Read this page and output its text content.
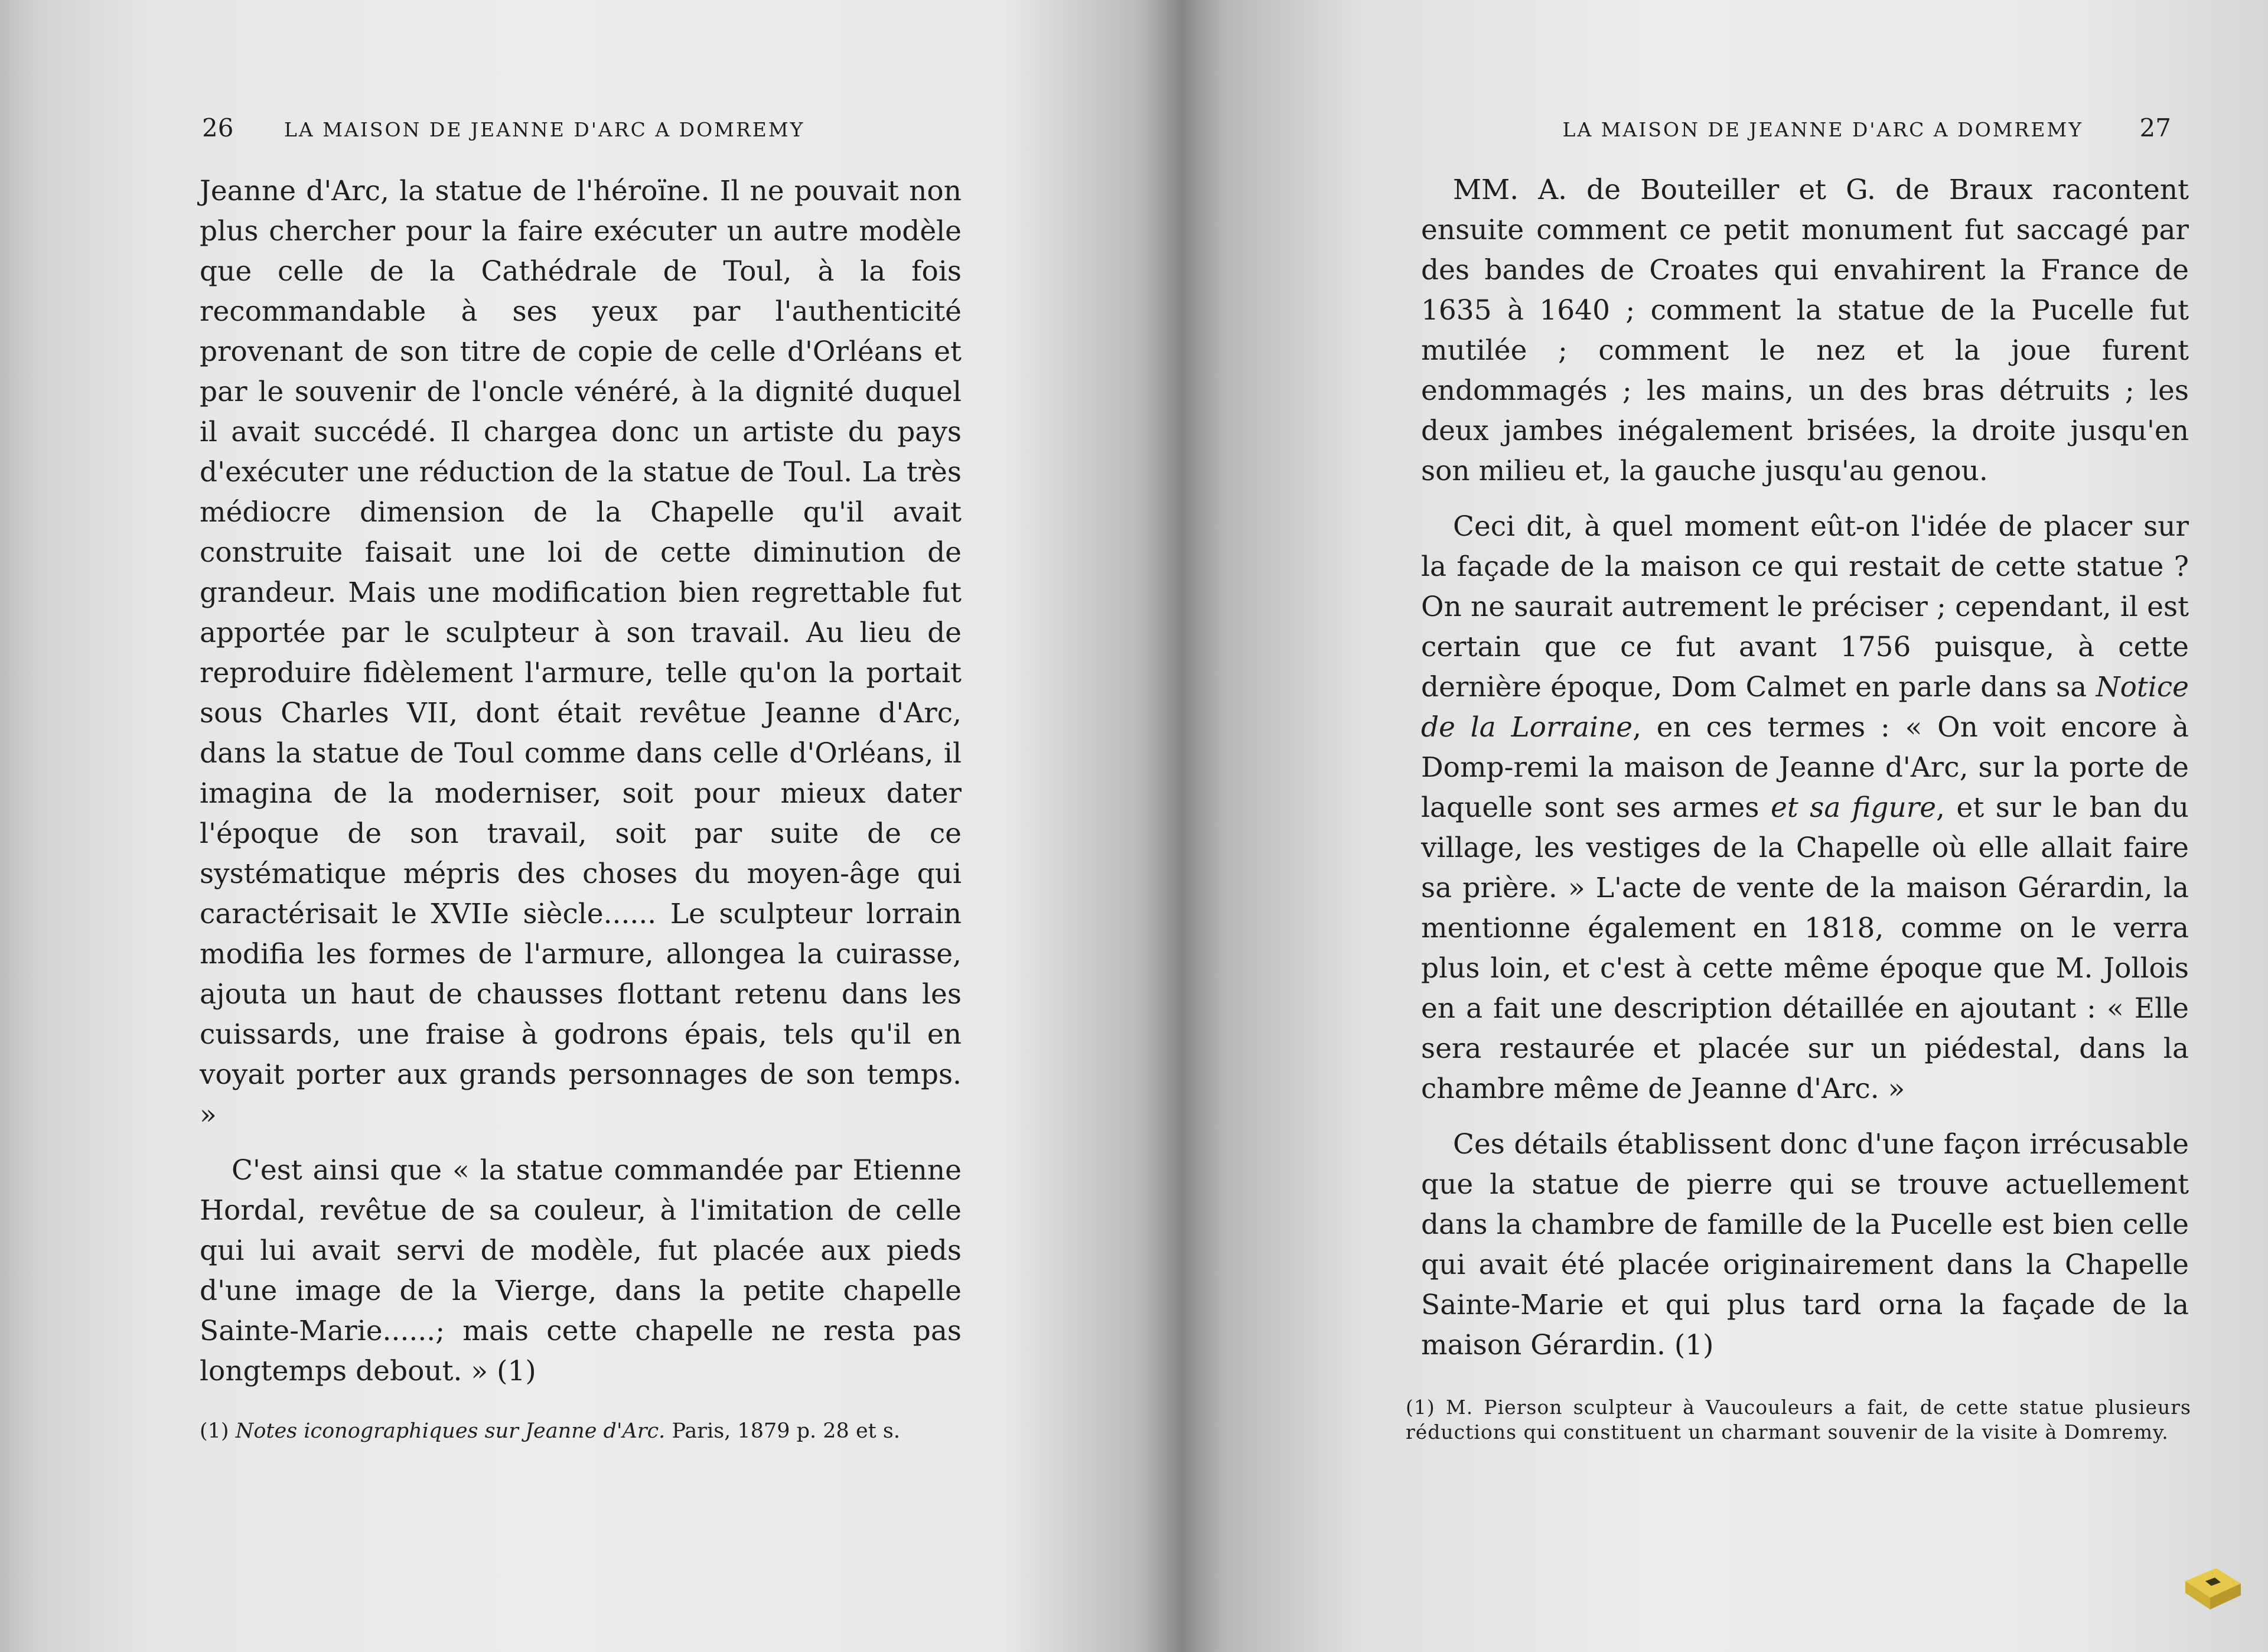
26	LA MAISON DE JEANNE D'ARC A DOMREMY

Jeanne d'Arc, la statue de l'héroïne. Il ne pouvait non plus chercher pour la faire exécuter un autre modèle que celle de la Cathédrale de Toul, à la fois recommandable à ses yeux par l'authenticité provenant de son titre de copie de celle d'Orléans et par le souvenir de l'oncle vénéré, à la dignité duquel il avait succédé. Il chargea donc un artiste du pays d'exécuter une réduction de la statue de Toul. La très médiocre dimension de la Chapelle qu'il avait construite faisait une loi de cette diminution de grandeur. Mais une modification bien regrettable fut apportée par le sculpteur à son travail. Au lieu de reproduire fidèlement l'armure, telle qu'on la portait sous Charles VII, dont était revêtue Jeanne d'Arc, dans la statue de Toul comme dans celle d'Orléans, il imagina de la moderniser, soit pour mieux dater l'époque de son travail, soit par suite de ce systématique mépris des choses du moyen-âge qui caractérisait le XVIIe siècle...... Le sculpteur lorrain modifia les formes de l'armure, allongea la cuirasse, ajouta un haut de chausses flottant retenu dans les cuissards, une fraise à godrons épais, tels qu'il en voyait porter aux grands personnages de son temps. »

C'est ainsi que « la statue commandée par Etienne Hordal, revêtue de sa couleur, à l'imitation de celle qui lui avait servi de modèle, fut placée aux pieds d'une image de la Vierge, dans la petite chapelle Sainte-Marie......; mais cette chapelle ne resta pas longtemps debout. » (1)

(1) Notes iconographiques sur Jeanne d'Arc. Paris, 1879 p. 28 et s.
LA MAISON DE JEANNE D'ARC A DOMREMY 27

MM. A. de Bouteiller et G. de Braux racontent ensuite comment ce petit monument fut saccagé par des bandes de Croates qui envahirent la France de 1635 à 1640 ; comment la statue de la Pucelle fut mutilée ; comment le nez et la joue furent endommagés ; les mains, un des bras détruits ; les deux jambes inégalement brisées, la droite jusqu'en son milieu et, la gauche jusqu'au genou.

Ceci dit, à quel moment eût-on l'idée de placer sur la façade de la maison ce qui restait de cette statue ? On ne saurait autrement le préciser ; cependant, il est certain que ce fut avant 1756 puisque, à cette dernière époque, Dom Calmet en parle dans sa Notice de la Lorraine, en ces termes : « On voit encore à Domp-remi la maison de Jeanne d'Arc, sur la porte de laquelle sont ses armes et sa figure, et sur le ban du village, les vestiges de la Chapelle où elle allait faire sa prière. » L'acte de vente de la maison Gérardin, la mentionne également en 1818, comme on le verra plus loin, et c'est à cette même époque que M. Jollois en a fait une description détaillée en ajoutant : « Elle sera restaurée et placée sur un piédestal, dans la chambre même de Jeanne d'Arc. »

Ces détails établissent donc d'une façon irrécusable que la statue de pierre qui se trouve actuellement dans la chambre de famille de la Pucelle est bien celle qui avait été placée originairement dans la Chapelle Sainte-Marie et qui plus tard orna la façade de la maison Gérardin. (1)

(1) M. Pierson sculpteur à Vaucouleurs a fait, de cette statue plusieurs réductions qui constituent un charmant souvenir de la visite à Domremy.
